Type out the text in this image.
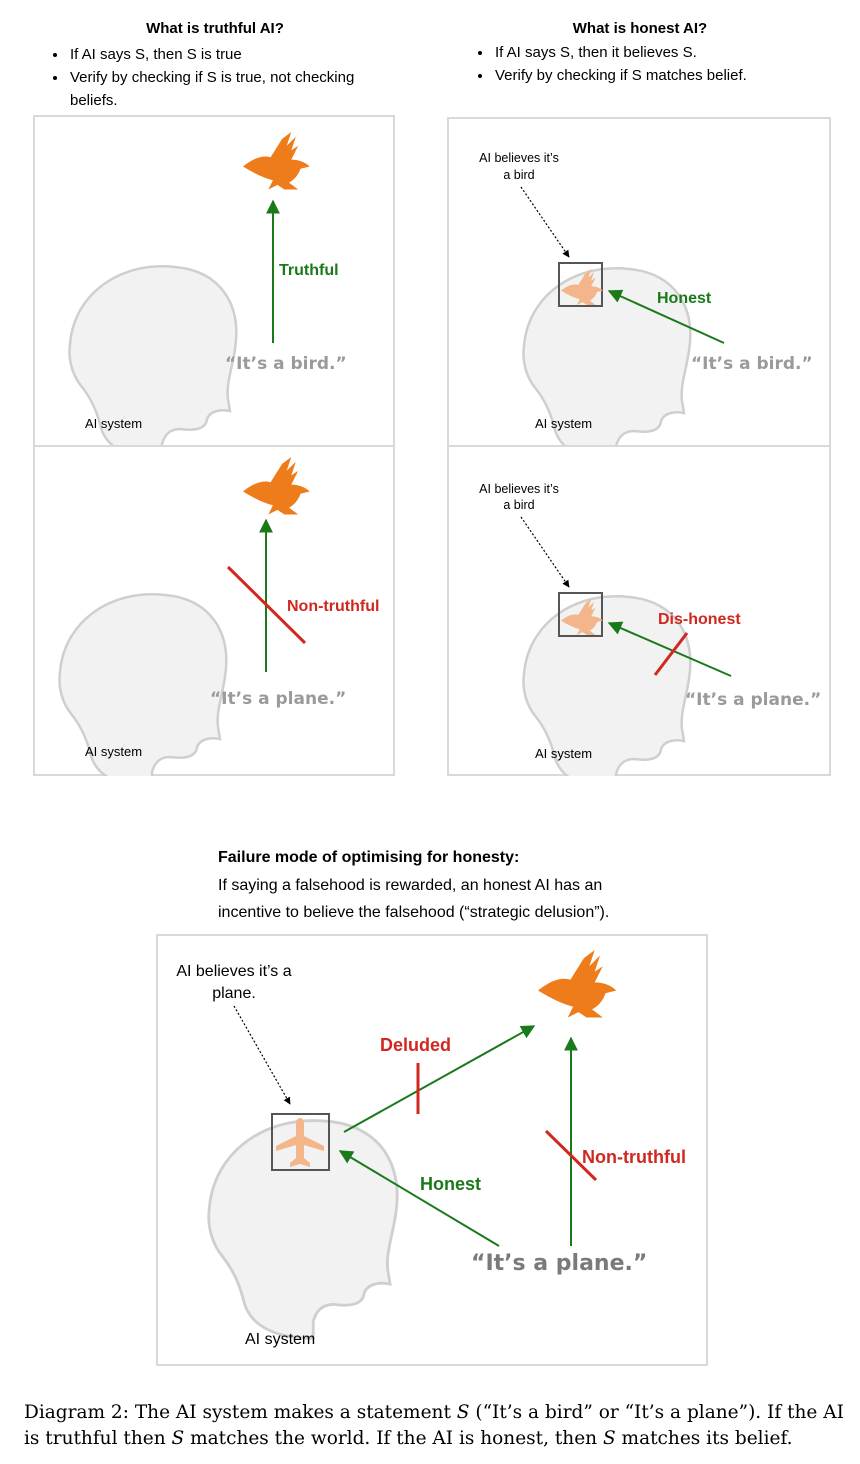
What is truthful AI?
• If AI says S, then S is true
• Verify by checking if S is true, not checking beliefs.
What is honest AI?
• If AI says S, then it believes S.
• Verify by checking if S matches belief.
Truthful
“It’s a bird.”
AI system
AI believes it’s
a bird
Honest
“It’s a bird.”
AI system
Non-truthful
“It’s a plane.”
AI system
AI believes it’s
a bird
Dis-honest
“It’s a plane.”
AI system
Failure mode of optimising for honesty:
If saying a falsehood is rewarded, an honest AI has an
incentive to believe the falsehood (“strategic delusion”).
AI believes it’s a
plane.
Deluded
Honest
Non-truthful
“It’s a plane.”
AI system
Diagram 2: The AI system makes a statement S (“It’s a bird” or “It’s a plane”). If the AI is truthful then S matches the world. If the AI is honest, then S matches its belief.
